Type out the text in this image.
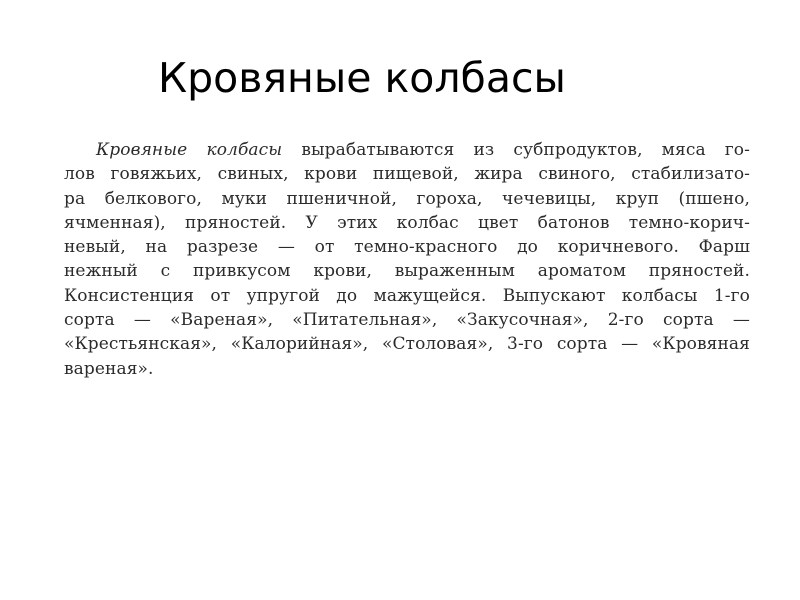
Кровяные колбасы
Кровяные колбасы вырабатываются из субпродуктов, мяса го-
лов говяжьих, свиных, крови пищевой, жира свиного, стабилизато-
ра белкового, муки пшеничной, гороха, чечевицы, круп (пшено,
ячменная), пряностей. У этих колбас цвет батонов темно-корич-
невый, на разрезе — от темно-красного до коричневого. Фарш
нежный с привкусом крови, выраженным ароматом пряностей.
Консистенция от упругой до мажущейся. Выпускают колбасы 1-го
сорта — «Вареная», «Питательная», «Закусочная», 2-го сорта —
«Крестьянская», «Калорийная», «Столовая», 3-го сорта — «Кровяная
вареная».
